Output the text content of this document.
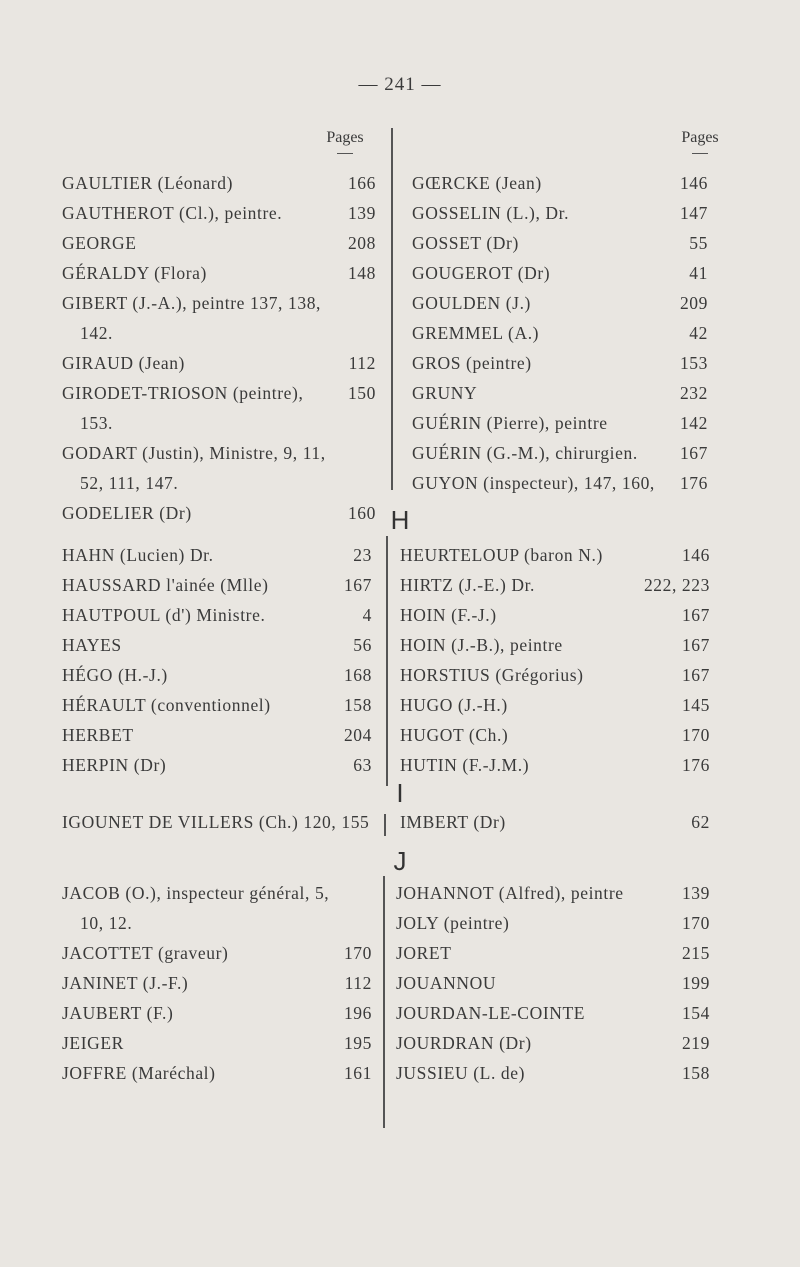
— 241 —
Pages	Pages
GAULTIER (Léonard)	166
GAUTHEROT (Cl.), peintre.	139
GEORGE	208
GÉRALDY (Flora)	148
GIBERT (J.-A.), peintre 137, 138,
142.
GIRAUD (Jean)	112
GIRODET-TRIOSON (peintre),	150
153.
GODART (Justin), Ministre, 9, 11,
52, 111, 147.
GODELIER (Dr)	160
GŒRCKE (Jean)	146
GOSSELIN (L.), Dr.	147
GOSSET (Dr)	55
GOUGEROT (Dr)	41
GOULDEN (J.)	209
GREMMEL (A.)	42
GROS (peintre)	153
GRUNY	232
GUÉRIN (Pierre), peintre	142
GUÉRIN (G.-M.), chirurgien. 167
GUYON (inspecteur), 147, 160, 176
H
HAHN (Lucien) Dr.	23
HAUSSARD l'ainée (Mlle)	167
HAUTPOUL (d') Ministre.	4
HAYES	56
HÉGO (H.-J.)	168
HÉRAULT (conventionnel)	158
HERBET	204
HERPIN (Dr)	63
HEURTELOUP (baron N.)	146
HIRTZ (J.-E.) Dr.	222, 223
HOIN (F.-J.)	167
HOIN (J.-B.), peintre	167
HORSTIUS (Grégorius)	167
HUGO (J.-H.)	145
HUGOT (Ch.)	170
HUTIN (F.-J.M.)	176
I
IGOUNET DE VILLERS (Ch.) 120, 155	IMBERT (Dr)	62
J
JACOB (O.), inspecteur général, 5,
10, 12.
JACOTTET (graveur)	170
JANINET (J.-F.)	112
JAUBERT (F.)	196
JEIGER	195
JOFFRE (Maréchal)	161
JOHANNOT (Alfred), peintre	139
JOLY (peintre)	170
JORET	215
JOUANNOU	199
JOURDAN-LE-COINTE	154
JOURDRAN (Dr)	219
JUSSIEU (L. de)	158
